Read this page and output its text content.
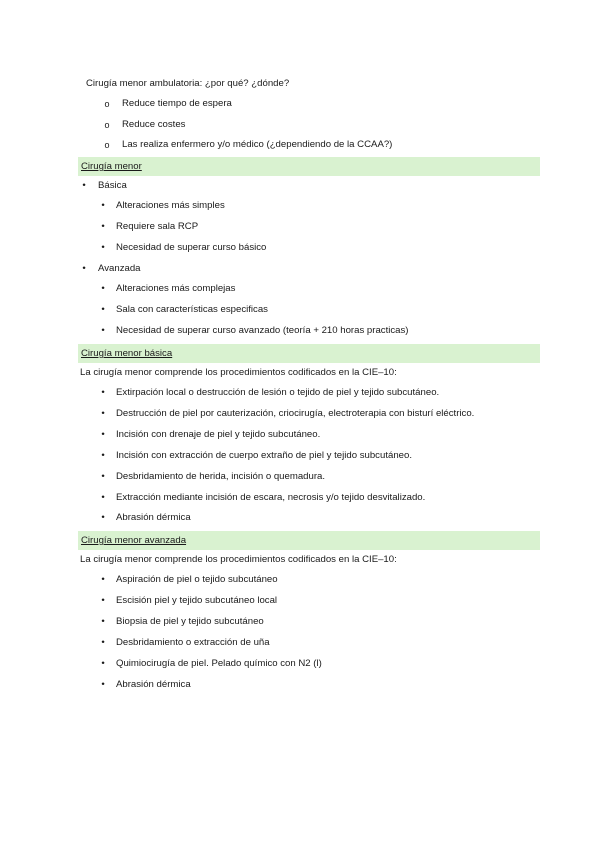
Cirugía menor ambulatoria: ¿por qué? ¿dónde?
o	Reduce tiempo de espera
o	Reduce costes
o	Las realiza enfermero y/o médico (¿dependiendo de la CCAA?)
Cirugía menor
•	Básica
•	Alteraciones más simples
•	Requiere sala RCP
•	Necesidad de superar curso básico
•	Avanzada
•	Alteraciones más complejas
•	Sala con características especificas
•	Necesidad de superar curso avanzado (teoría + 210 horas practicas)
Cirugía menor básica
La cirugía menor comprende los procedimientos codificados en la CIE–10:
•	Extirpación local o destrucción de lesión o tejido de piel y tejido subcutáneo.
•	Destrucción de piel por cauterización, criocirugía, electroterapia con bisturí eléctrico.
•	Incisión con drenaje de piel y tejido subcutáneo.
•	Incisión con extracción de cuerpo extraño de piel y tejido subcutáneo.
•	Desbridamiento de herida, incisión o quemadura.
•	Extracción mediante incisión de escara, necrosis y/o tejido desvitalizado.
•	Abrasión dérmica
Cirugía menor avanzada
La cirugía menor comprende los procedimientos codificados en la CIE–10:
•	Aspiración de piel o tejido subcutáneo
•	Escisión piel y tejido subcutáneo local
•	Biopsia de piel y tejido subcutáneo
•	Desbridamiento o extracción de uña
•	Quimiocirugía de piel. Pelado químico con N2 (l)
•	Abrasión dérmica
